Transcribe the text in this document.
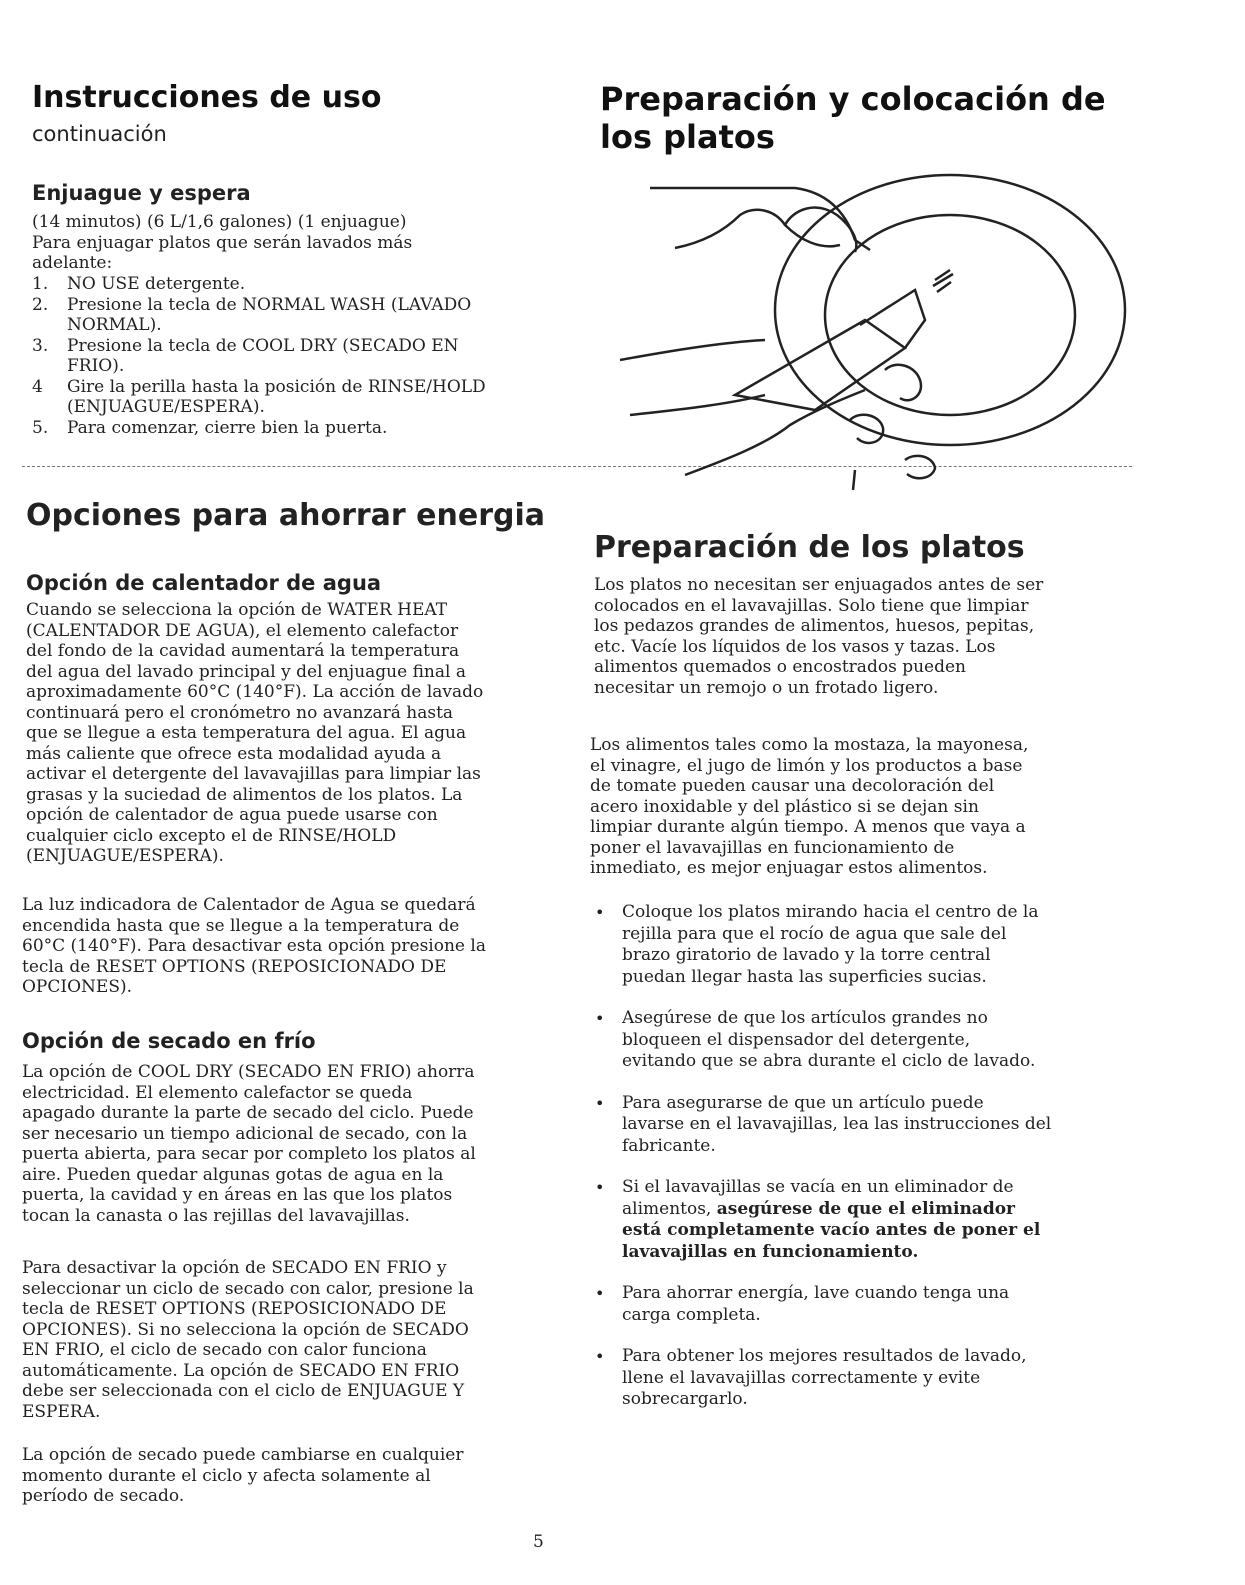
Instrucciones de uso
continuación
Enjuague y espera

(14 minutos) (6 L/1,6 galones) (1 enjuague)
Para enjuagar platos que serán lavados más
adelante:

1.	NO USE detergente.
2.	Presione la tecla de NORMAL WASH (LAVADO
NORMAL).
3.	Presione la tecla de COOL DRY (SECADO EN
FRIO).
4	Gire la perilla hasta la posición de RINSE/HOLD
(ENJUAGUE/ESPERA).
5.	Para comenzar, cierre bien la puerta.
Opciones para ahorrar energia
Opción de calentador de agua

Cuando se selecciona la opción de WATER HEAT
(CALENTADOR DE AGUA), el elemento calefactor
del fondo de la cavidad aumentará la temperatura
del agua del lavado principal y del enjuague final a
aproximadamente 60°C (140°F). La acción de lavado
continuará pero el cronómetro no avanzará hasta
que se llegue a esta temperatura del agua. El agua
más caliente que ofrece esta modalidad ayuda a
activar el detergente del lavavajillas para limpiar las
grasas y la suciedad de alimentos de los platos. La
opción de calentador de agua puede usarse con
cualquier ciclo excepto el de RINSE/HOLD
(ENJUAGUE/ESPERA).

La luz indicadora de Calentador de Agua se quedará
encendida hasta que se llegue a la temperatura de
60°C (140°F). Para desactivar esta opción presione la
tecla de RESET OPTIONS (REPOSICIONADO DE
OPCIONES).

Opción de secado en frío

La opción de COOL DRY (SECADO EN FRIO) ahorra
electricidad. El elemento calefactor se queda
apagado durante la parte de secado del ciclo. Puede
ser necesario un tiempo adicional de secado, con la
puerta abierta, para secar por completo los platos al
aire. Pueden quedar algunas gotas de agua en la
puerta, la cavidad y en áreas en las que los platos
tocan la canasta o las rejillas del lavavajillas.

Para desactivar la opción de SECADO EN FRIO y
seleccionar un ciclo de secado con calor, presione la
tecla de RESET OPTIONS (REPOSICIONADO DE
OPCIONES). Si no selecciona la opción de SECADO
EN FRIO, el ciclo de secado con calor funciona
automáticamente. La opción de SECADO EN FRIO
debe ser seleccionada con el ciclo de ENJUAGUE Y
ESPERA.

La opción de secado puede cambiarse en cualquier
momento durante el ciclo y afecta solamente al
período de secado.

Preparación y colocación de
los platos
Preparación de los platos

Los platos no necesitan ser enjuagados antes de ser
colocados en el lavavajillas. Solo tiene que limpiar
los pedazos grandes de alimentos, huesos, pepitas,
etc. Vacíe los líquidos de los vasos y tazas. Los
alimentos quemados o encostrados pueden
necesitar un remojo o un frotado ligero.

Los alimentos tales como la mostaza, la mayonesa,
el vinagre, el jugo de limón y los productos a base
de tomate pueden causar una decoloración del
acero inoxidable y del plástico si se dejan sin
limpiar durante algún tiempo. A menos que vaya a
poner el lavavajillas en funcionamiento de
inmediato, es mejor enjuagar estos alimentos.

•	Coloque los platos mirando hacia el centro de la
rejilla para que el rocío de agua que sale del
brazo giratorio de lavado y la torre central
puedan llegar hasta las superficies sucias.
•	Asegúrese de que los artículos grandes no
bloqueen el dispensador del detergente,
evitando que se abra durante el ciclo de lavado.
•	Para asegurarse de que un artículo puede
lavarse en el lavavajillas, lea las instrucciones del
fabricante.
•	Si el lavavajillas se vacía en un eliminador de
alimentos, asegúrese de que el eliminador
está completamente vacío antes de poner el
lavavajillas en funcionamiento.
•	Para ahorrar energía, lave cuando tenga una
carga completa.
•	Para obtener los mejores resultados de lavado,
llene el lavavajillas correctamente y evite
sobrecargarlo.
5
